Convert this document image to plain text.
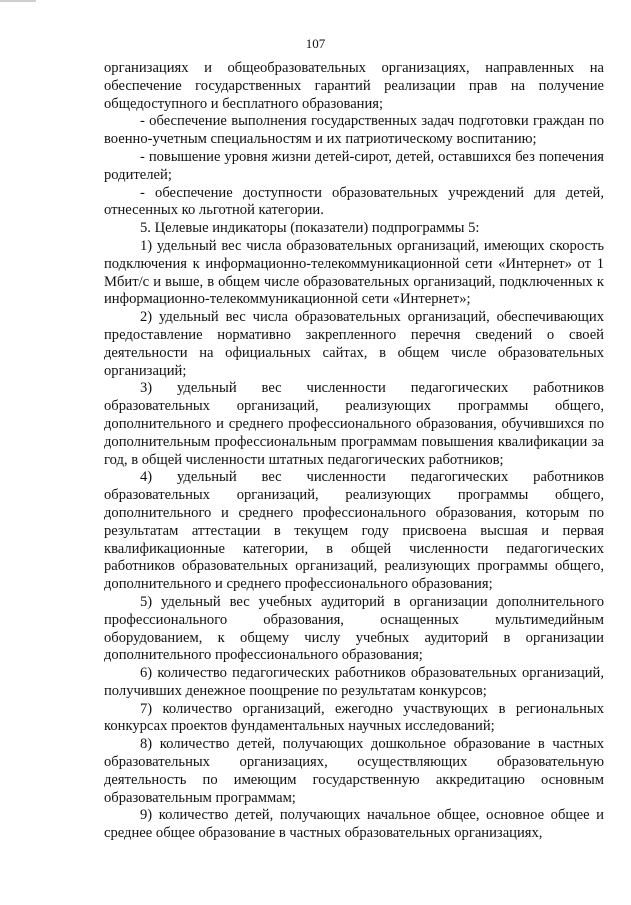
107

организациях и общеобразовательных организациях, направленных на обеспечение государственных гарантий реализации прав на получение общедоступного и бесплатного образования;

- обеспечение выполнения государственных задач подготовки граждан по военно-учетным специальностям и их патриотическому воспитанию;

- повышение уровня жизни детей-сирот, детей, оставшихся без попечения родителей;

- обеспечение доступности образовательных учреждений для детей, отнесенных ко льготной категории.

5. Целевые индикаторы (показатели) подпрограммы 5:

1) удельный вес числа образовательных организаций, имеющих скорость подключения к информационно-телекоммуникационной сети «Интернет» от 1 Мбит/с и выше, в общем числе образовательных организаций, подключенных к информационно-телекоммуникационной сети «Интернет»;

2) удельный вес числа образовательных организаций, обеспечивающих предоставление нормативно закрепленного перечня сведений о своей деятельности на официальных сайтах, в общем числе образовательных организаций;

3) удельный вес численности педагогических работников образовательных организаций, реализующих программы общего, дополнительного и среднего профессионального образования, обучившихся по дополнительным профессиональным программам повышения квалификации за год, в общей численности штатных педагогических работников;

4) удельный вес численности педагогических работников образовательных организаций, реализующих программы общего, дополнительного и среднего профессионального образования, которым по результатам аттестации в текущем году присвоена высшая и первая квалификационные категории, в общей численности педагогических работников образовательных организаций, реализующих программы общего, дополнительного и среднего профессионального образования;

5) удельный вес учебных аудиторий в организации дополнительного профессионального образования, оснащенных мультимедийным оборудованием, к общему числу учебных аудиторий в организации дополнительного профессионального образования;

6) количество педагогических работников образовательных организаций, получивших денежное поощрение по результатам конкурсов;

7) количество организаций, ежегодно участвующих в региональных конкурсах проектов фундаментальных научных исследований;

8) количество детей, получающих дошкольное образование в частных образовательных организациях, осуществляющих образовательную деятельность по имеющим государственную аккредитацию основным образовательным программам;

9) количество детей, получающих начальное общее, основное общее и среднее общее образование в частных образовательных организациях,
